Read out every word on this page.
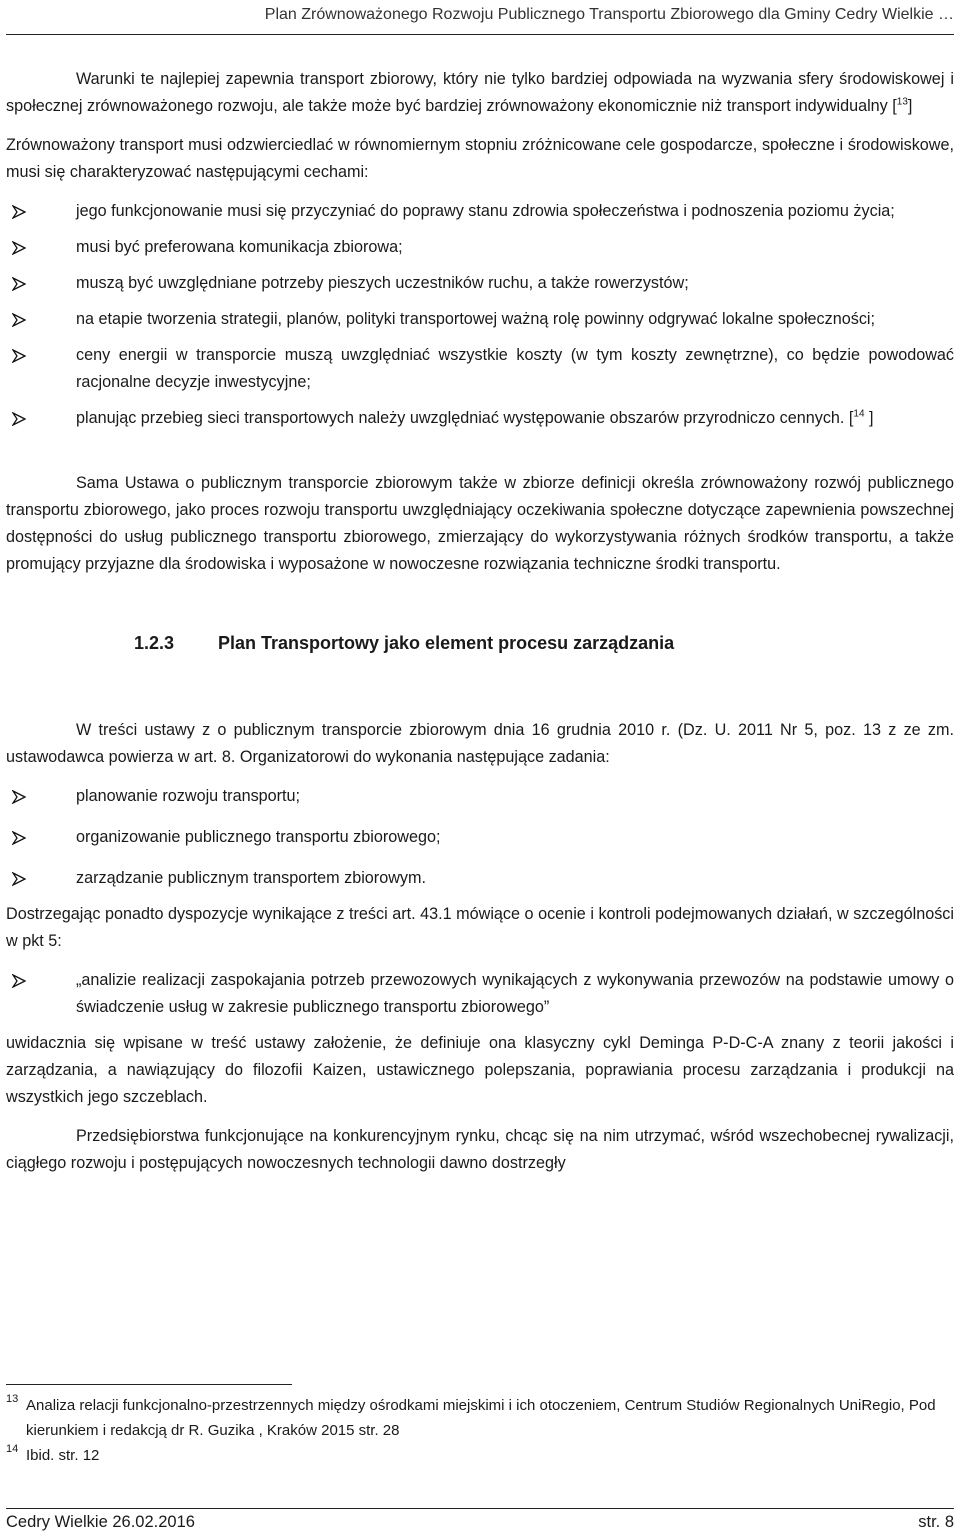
Plan Zrównoważonego Rozwoju Publicznego Transportu Zbiorowego dla Gminy Cedry Wielkie …

Warunki te najlepiej zapewnia transport zbiorowy, który nie tylko bardziej odpowiada na wyzwania sfery środowiskowej i społecznej zrównoważonego rozwoju, ale także może być bardziej zrównoważony ekonomicznie niż transport indywidualny [$^{13}$]

Zrównoważony transport musi odzwierciedlać w równomiernym stopniu zróżnicowane cele gospodarcze, społeczne i środowiskowe, musi się charakteryzować następującymi cechami:

jego funkcjonowanie musi się przyczyniać do poprawy stanu zdrowia społeczeństwa i podnoszenia poziomu życia;
musi być preferowana komunikacja zbiorowa;
muszą być uwzględniane potrzeby pieszych uczestników ruchu, a także rowerzystów;
na etapie tworzenia strategii, planów, polityki transportowej ważną rolę powinny odgrywać lokalne społeczności;
ceny energii w transporcie muszą uwzględniać wszystkie koszty (w tym koszty zewnętrzne), co będzie powodować racjonalne decyzje inwestycyjne;
planując przebieg sieci transportowych należy uwzględniać występowanie obszarów przyrodniczo cennych. [$^{14}$ ]

Sama Ustawa o publicznym transporcie zbiorowym także w zbiorze definicji określa zrównoważony rozwój publicznego transportu zbiorowego, jako proces rozwoju transportu uwzględniający oczekiwania społeczne dotyczące zapewnienia powszechnej dostępności do usług publicznego transportu zbiorowego, zmierzający do wykorzystywania różnych środków transportu, a także promujący przyjazne dla środowiska i wyposażone w nowoczesne rozwiązania techniczne środki transportu.

1.2.3 Plan Transportowy jako element procesu zarządzania

W treści ustawy z o publicznym transporcie zbiorowym dnia 16 grudnia 2010 r. (Dz. U. 2011 Nr 5, poz. 13 z ze zm. ustawodawca powierza w art. 8. Organizatorowi do wykonania następujące zadania:

planowanie rozwoju transportu;
organizowanie publicznego transportu zbiorowego;
zarządzanie publicznym transportem zbiorowym.

Dostrzegając ponadto dyspozycje wynikające z treści art. 43.1 mówiące o ocenie i kontroli podejmowanych działań, w szczególności w pkt 5:

„analizie realizacji zaspokajania potrzeb przewozowych wynikających z wykonywania przewozów na podstawie umowy o świadczenie usług w zakresie publicznego transportu zbiorowego”

uwidacznia się wpisane w treść ustawy założenie, że definiuje ona klasyczny cykl Deminga P-D-C-A znany z teorii jakości i zarządzania, a nawiązujący do filozofii Kaizen, ustawicznego polepszania, poprawiania procesu zarządzania i produkcji na wszystkich jego szczeblach.

Przedsiębiorstwa funkcjonujące na konkurencyjnym rynku, chcąc się na nim utrzymać, wśród wszechobecnej rywalizacji, ciągłego rozwoju i postępujących nowoczesnych technologii dawno dostrzegły

13 Analiza relacji funkcjonalno-przestrzennych między ośrodkami miejskimi i ich otoczeniem, Centrum Studiów Regionalnych UniRegio, Pod kierunkiem i redakcją dr R. Guzika , Kraków 2015 str. 28
14 Ibid. str. 12
Cedry Wielkie 26.02.2016	str. 8
